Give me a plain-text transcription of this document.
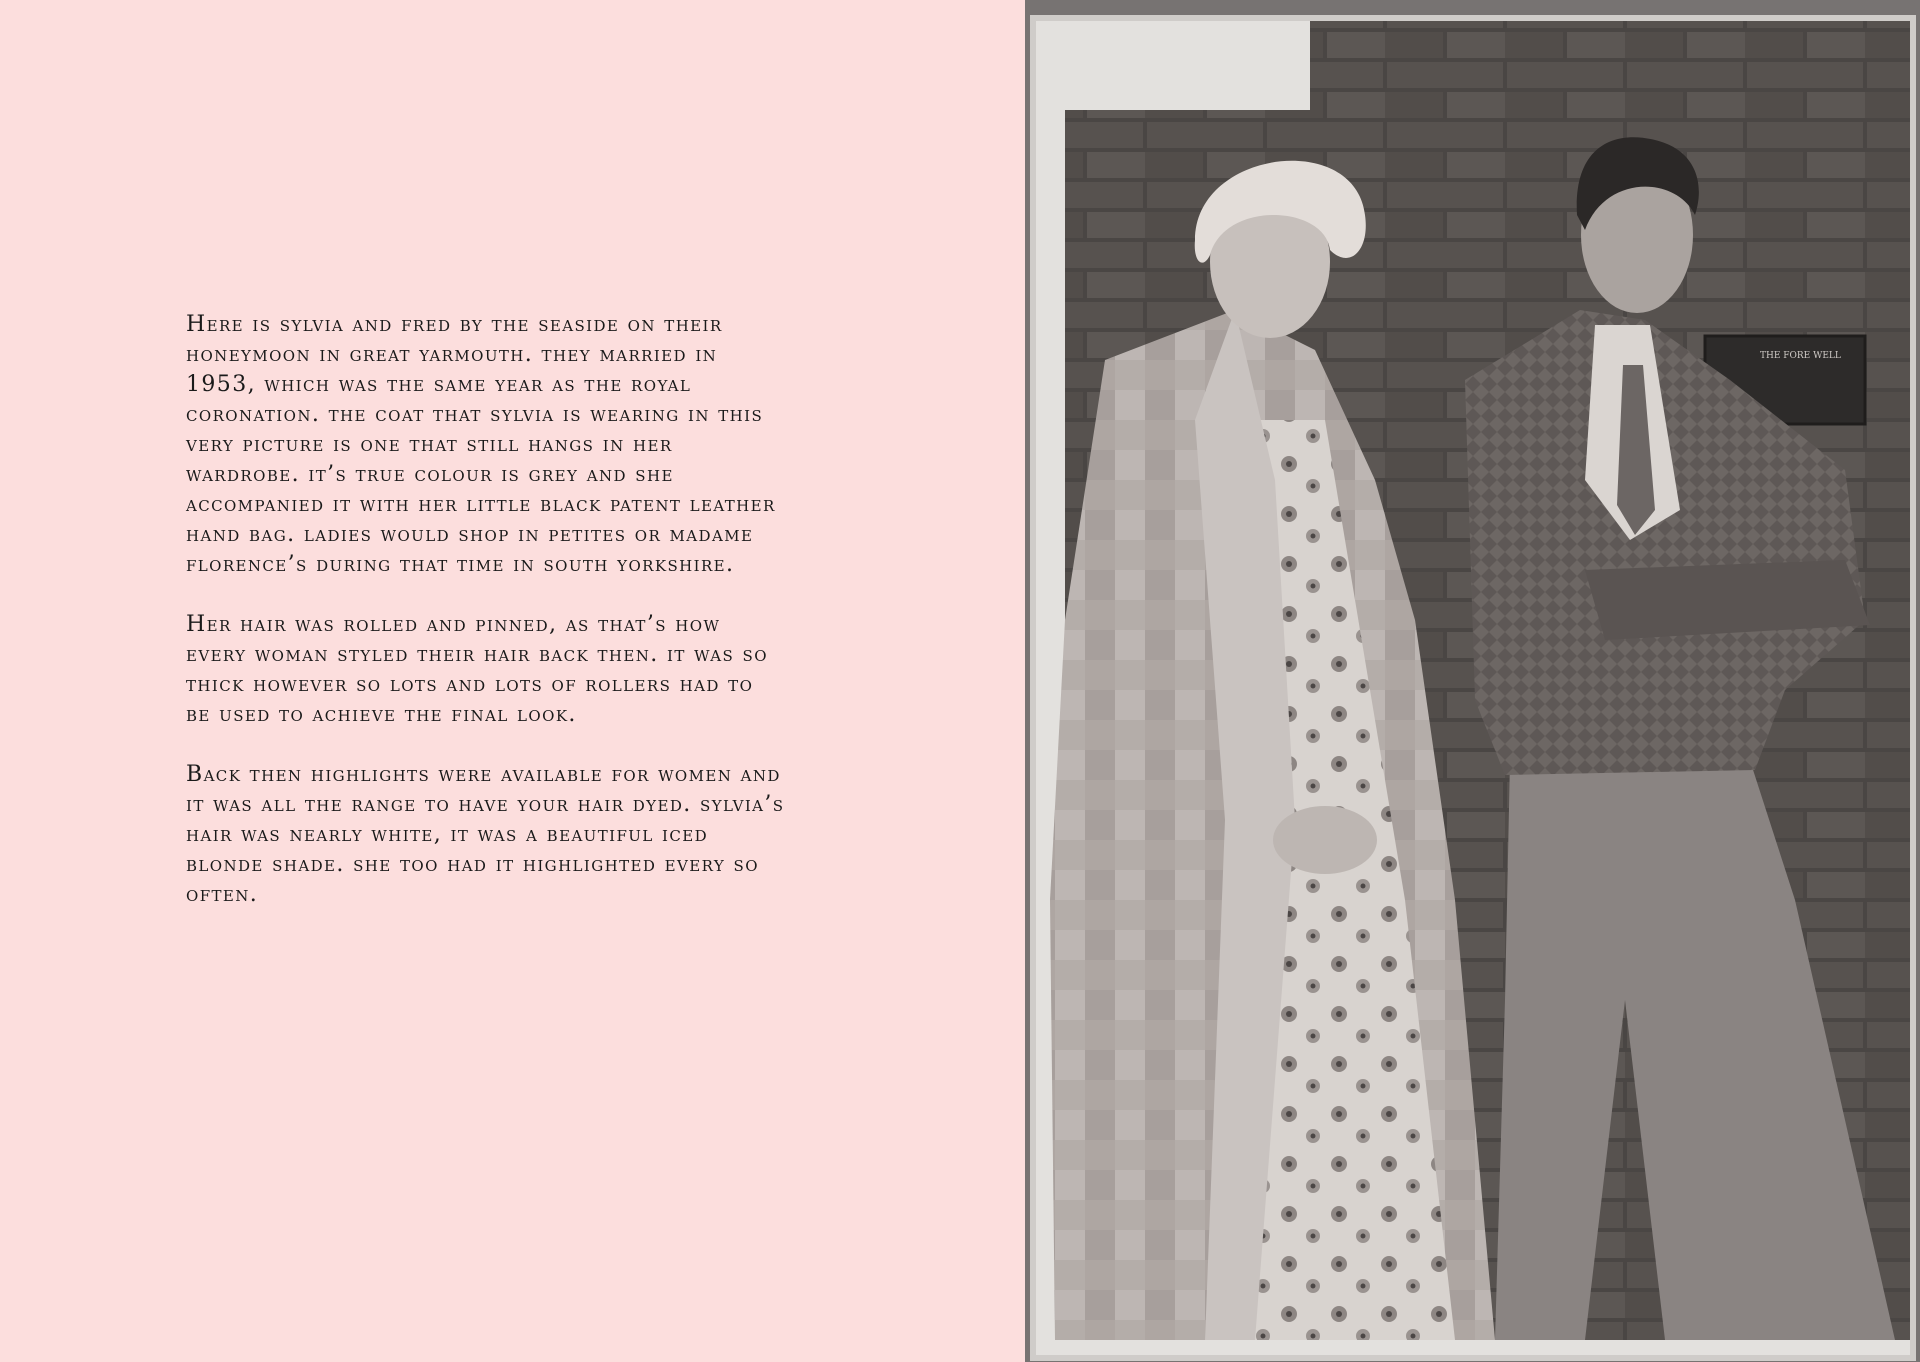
Here is sylvia and fred by the seaside on their honeymoon in great yarmouth. they married in 1953, which was the same year as the royal coronation. the coat that sylvia is wearing in this very picture is one that still hangs in her wardrobe. it’s true colour is grey and she accompanied it with her little black patent leather hand bag. ladies would shop in petites or madame florence’s during that time in south yorkshire.

Her hair was rolled and pinned, as that’s how every woman styled their hair back then. it was so thick however so lots and lots of rollers had to be used to achieve the final look.

Back then highlights were available for women and it was all the range to have your hair dyed. sylvia’s hair was nearly white, it was a beautiful iced blonde shade. she too had it highlighted every so often.

THE FORE WELL
